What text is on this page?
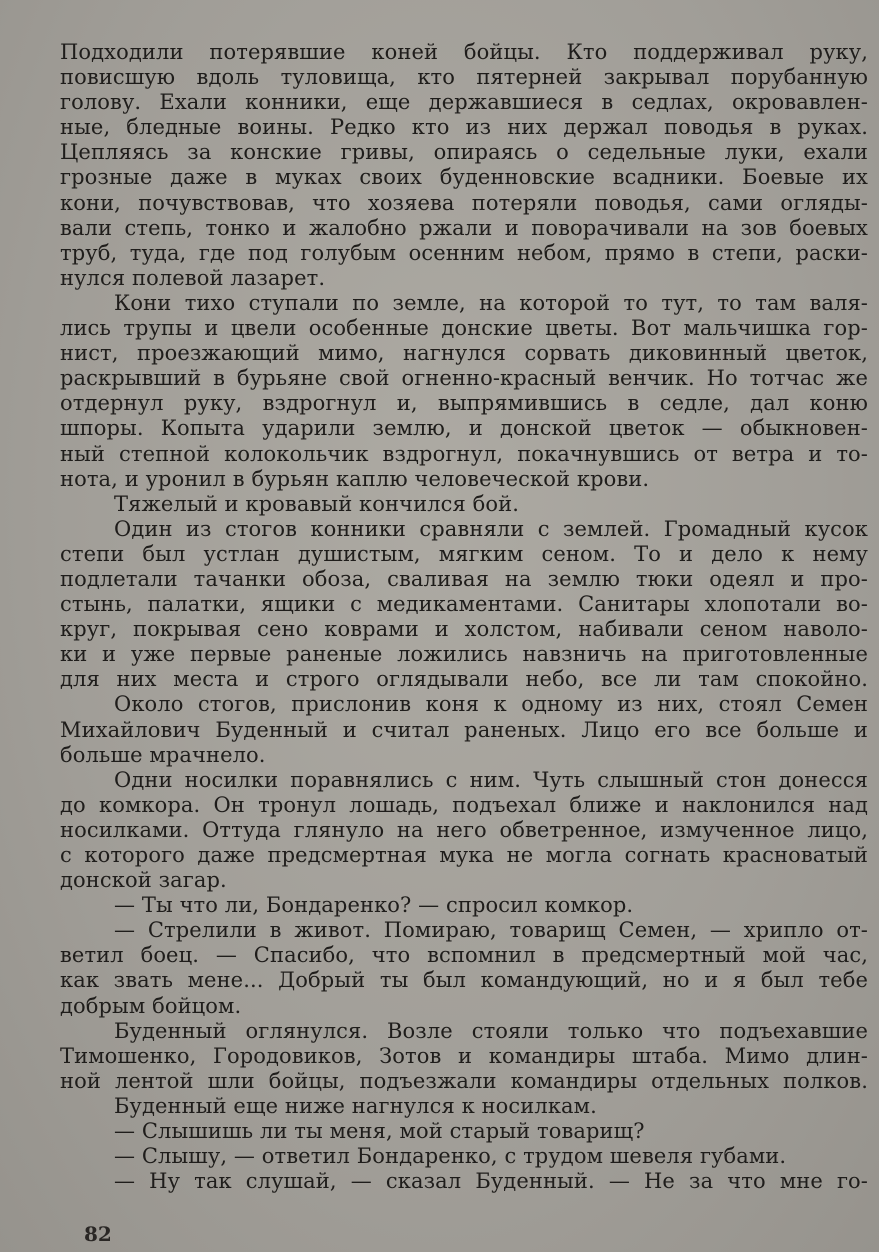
Подходили потерявшие коней бойцы. Кто поддерживал руку,
повисшую вдоль туловища, кто пятерней закрывал порубанную
голову. Ехали конники, еще державшиеся в седлах, окровавлен-
ные, бледные воины. Редко кто из них держал поводья в руках.
Цепляясь за конские гривы, опираясь о седельные луки, ехали
грозные даже в муках своих буденновские всадники. Боевые их
кони, почувствовав, что хозяева потеряли поводья, сами огляды-
вали степь, тонко и жалобно ржали и поворачивали на зов боевых
труб, туда, где под голубым осенним небом, прямо в степи, раски-
нулся полевой лазарет.
Кони тихо ступали по земле, на которой то тут, то там валя-
лись трупы и цвели особенные донские цветы. Вот мальчишка гор-
нист, проезжающий мимо, нагнулся сорвать диковинный цветок,
раскрывший в бурьяне свой огненно-красный венчик. Но тотчас же
отдернул руку, вздрогнул и, выпрямившись в седле, дал коню
шпоры. Копыта ударили землю, и донской цветок — обыкновен-
ный степной колокольчик вздрогнул, покачнувшись от ветра и то-
нота, и уронил в бурьян каплю человеческой крови.
Тяжелый и кровавый кончился бой.
Один из стогов конники сравняли с землей. Громадный кусок
степи был устлан душистым, мягким сеном. То и дело к нему
подлетали тачанки обоза, сваливая на землю тюки одеял и про-
стынь, палатки, ящики с медикаментами. Санитары хлопотали во-
круг, покрывая сено коврами и холстом, набивали сеном наволо-
ки и уже первые раненые ложились навзничь на приготовленные
для них места и строго оглядывали небо, все ли там спокойно.
Около стогов, прислонив коня к одному из них, стоял Семен
Михайлович Буденный и считал раненых. Лицо его все больше и
больше мрачнело.
Одни носилки поравнялись с ним. Чуть слышный стон донесся
до комкора. Он тронул лошадь, подъехал ближе и наклонился над
носилками. Оттуда глянуло на него обветренное, измученное лицо,
с которого даже предсмертная мука не могла согнать красноватый
донской загар.
— Ты что ли, Бондаренко? — спросил комкор.
— Стрелили в живот. Помираю, товарищ Семен, — хрипло от-
ветил боец. — Спасибо, что вспомнил в предсмертный мой час,
как звать мене... Добрый ты был командующий, но и я был тебе
добрым бойцом.
Буденный оглянулся. Возле стояли только что подъехавшие
Тимошенко, Городовиков, Зотов и командиры штаба. Мимо длин-
ной лентой шли бойцы, подъезжали командиры отдельных полков.
Буденный еще ниже нагнулся к носилкам.
— Слышишь ли ты меня, мой старый товарищ?
— Слышу, — ответил Бондаренко, с трудом шевеля губами.
— Ну так слушай, — сказал Буденный. — Не за что мне го-
82
